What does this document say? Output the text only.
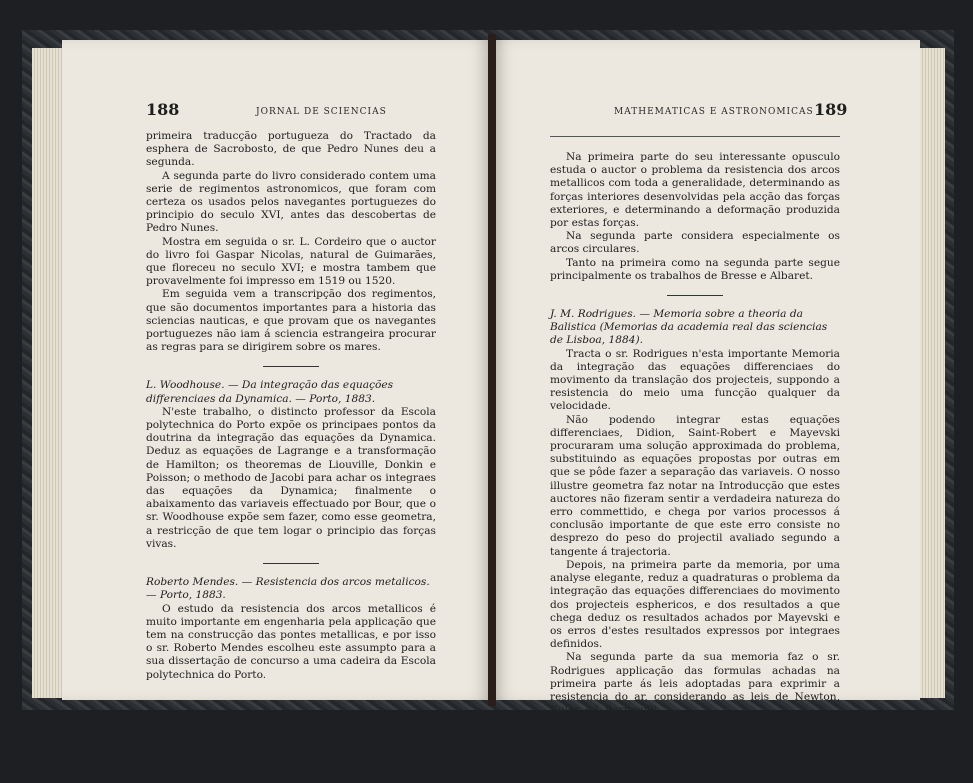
188	JORNAL DE SCIENCIAS

primeira traducção portugueza do Tractado da esphera de Sacrobosto, de que Pedro Nunes deu a segunda.

A segunda parte do livro considerado contem uma serie de regimentos astronomicos, que foram com certeza os usados pelos navegantes portuguezes do principio do seculo XVI, antes das descobertas de Pedro Nunes.

Mostra em seguida o sr. L. Cordeiro que o auctor do livro foi Gaspar Nicolas, natural de Guimarães, que floreceu no seculo XVI; e mostra tambem que provavelmente foi impresso em 1519 ou 1520.

Em seguida vem a transcripção dos regimentos, que são documentos importantes para a historia das sciencias nauticas, e que provam que os navegantes portuguezes não iam á sciencia estrangeira procurar as regras para se dirigirem sobre os mares.

L. Woodhouse. — Da integração das equações differenciaes da Dynamica. — Porto, 1883.

N'este trabalho, o distincto professor da Escola polytechnica do Porto expõe os principaes pontos da doutrina da integração das equações da Dynamica. Deduz as equações de Lagrange e a transformação de Hamilton; os theoremas de Liouville, Donkin e Poisson; o methodo de Jacobi para achar os integraes das equações da Dynamica; finalmente o abaixamento das variaveis effectuado por Bour, que o sr. Woodhouse expõe sem fazer, como esse geometra, a restricção de que tem logar o principio das forças vivas.

Roberto Mendes. — Resistencia dos arcos metalicos. — Porto, 1883.

O estudo da resistencia dos arcos metallicos é muito importante em engenharia pela applicação que tem na construcção das pontes metallicas, e por isso o sr. Roberto Mendes escolheu este assumpto para a sua dissertação de concurso a uma cadeira da Escola polytechnica do Porto.

MATHEMATICAS E ASTRONOMICAS 189

Na primeira parte do seu interessante opusculo estuda o auctor o problema da resistencia dos arcos metallicos com toda a generalidade, determinando as forças interiores desenvolvidas pela acção das forças exteriores, e determinando a deformação produzida por estas forças.

Na segunda parte considera especialmente os arcos circulares.

Tanto na primeira como na segunda parte segue principalmente os trabalhos de Bresse e Albaret.

J. M. Rodrigues. — Memoria sobre a theoria da Balistica (Memorias da academia real das sciencias de Lisboa, 1884).

Tracta o sr. Rodrigues n'esta importante Memoria da integração das equações differenciaes do movimento da translação dos projecteis, suppondo a resistencia do meio uma funcção qualquer da velocidade.

Não podendo integrar estas equações differenciaes, Didion, Saint-Robert e Mayevski procuraram uma solução approximada do problema, substituindo as equações propostas por outras em que se pôde fazer a separação das variaveis. O nosso illustre geometra faz notar na Introducção que estes auctores não fizeram sentir a verdadeira natureza do erro commettido, e chega por varios processos á conclusão importante de que este erro consiste no desprezo do peso do projectil avaliado segundo a tangente á trajectoria.

Depois, na primeira parte da memoria, por uma analyse elegante, reduz a quadraturas o problema da integração das equações differenciaes do movimento dos projecteis esphericos, e dos resultados a que chega deduz os resultados achados por Mayevski e os erros d'estes resultados expressos por integraes definidos.

Na segunda parte da sua memoria faz o sr. Rodrigues applicação das formulas achadas na primeira parte ás leis adoptadas para exprimir a resistencia do ar, considerando as leis de Newton, Euler, e J. Bernouilli.

Na terceira parte estuda, por uma analyse semelhante, o movimento de translação dos projecteis oblongos.

Por esta curta noticia vê-se a importancia do trabalho do sr.
